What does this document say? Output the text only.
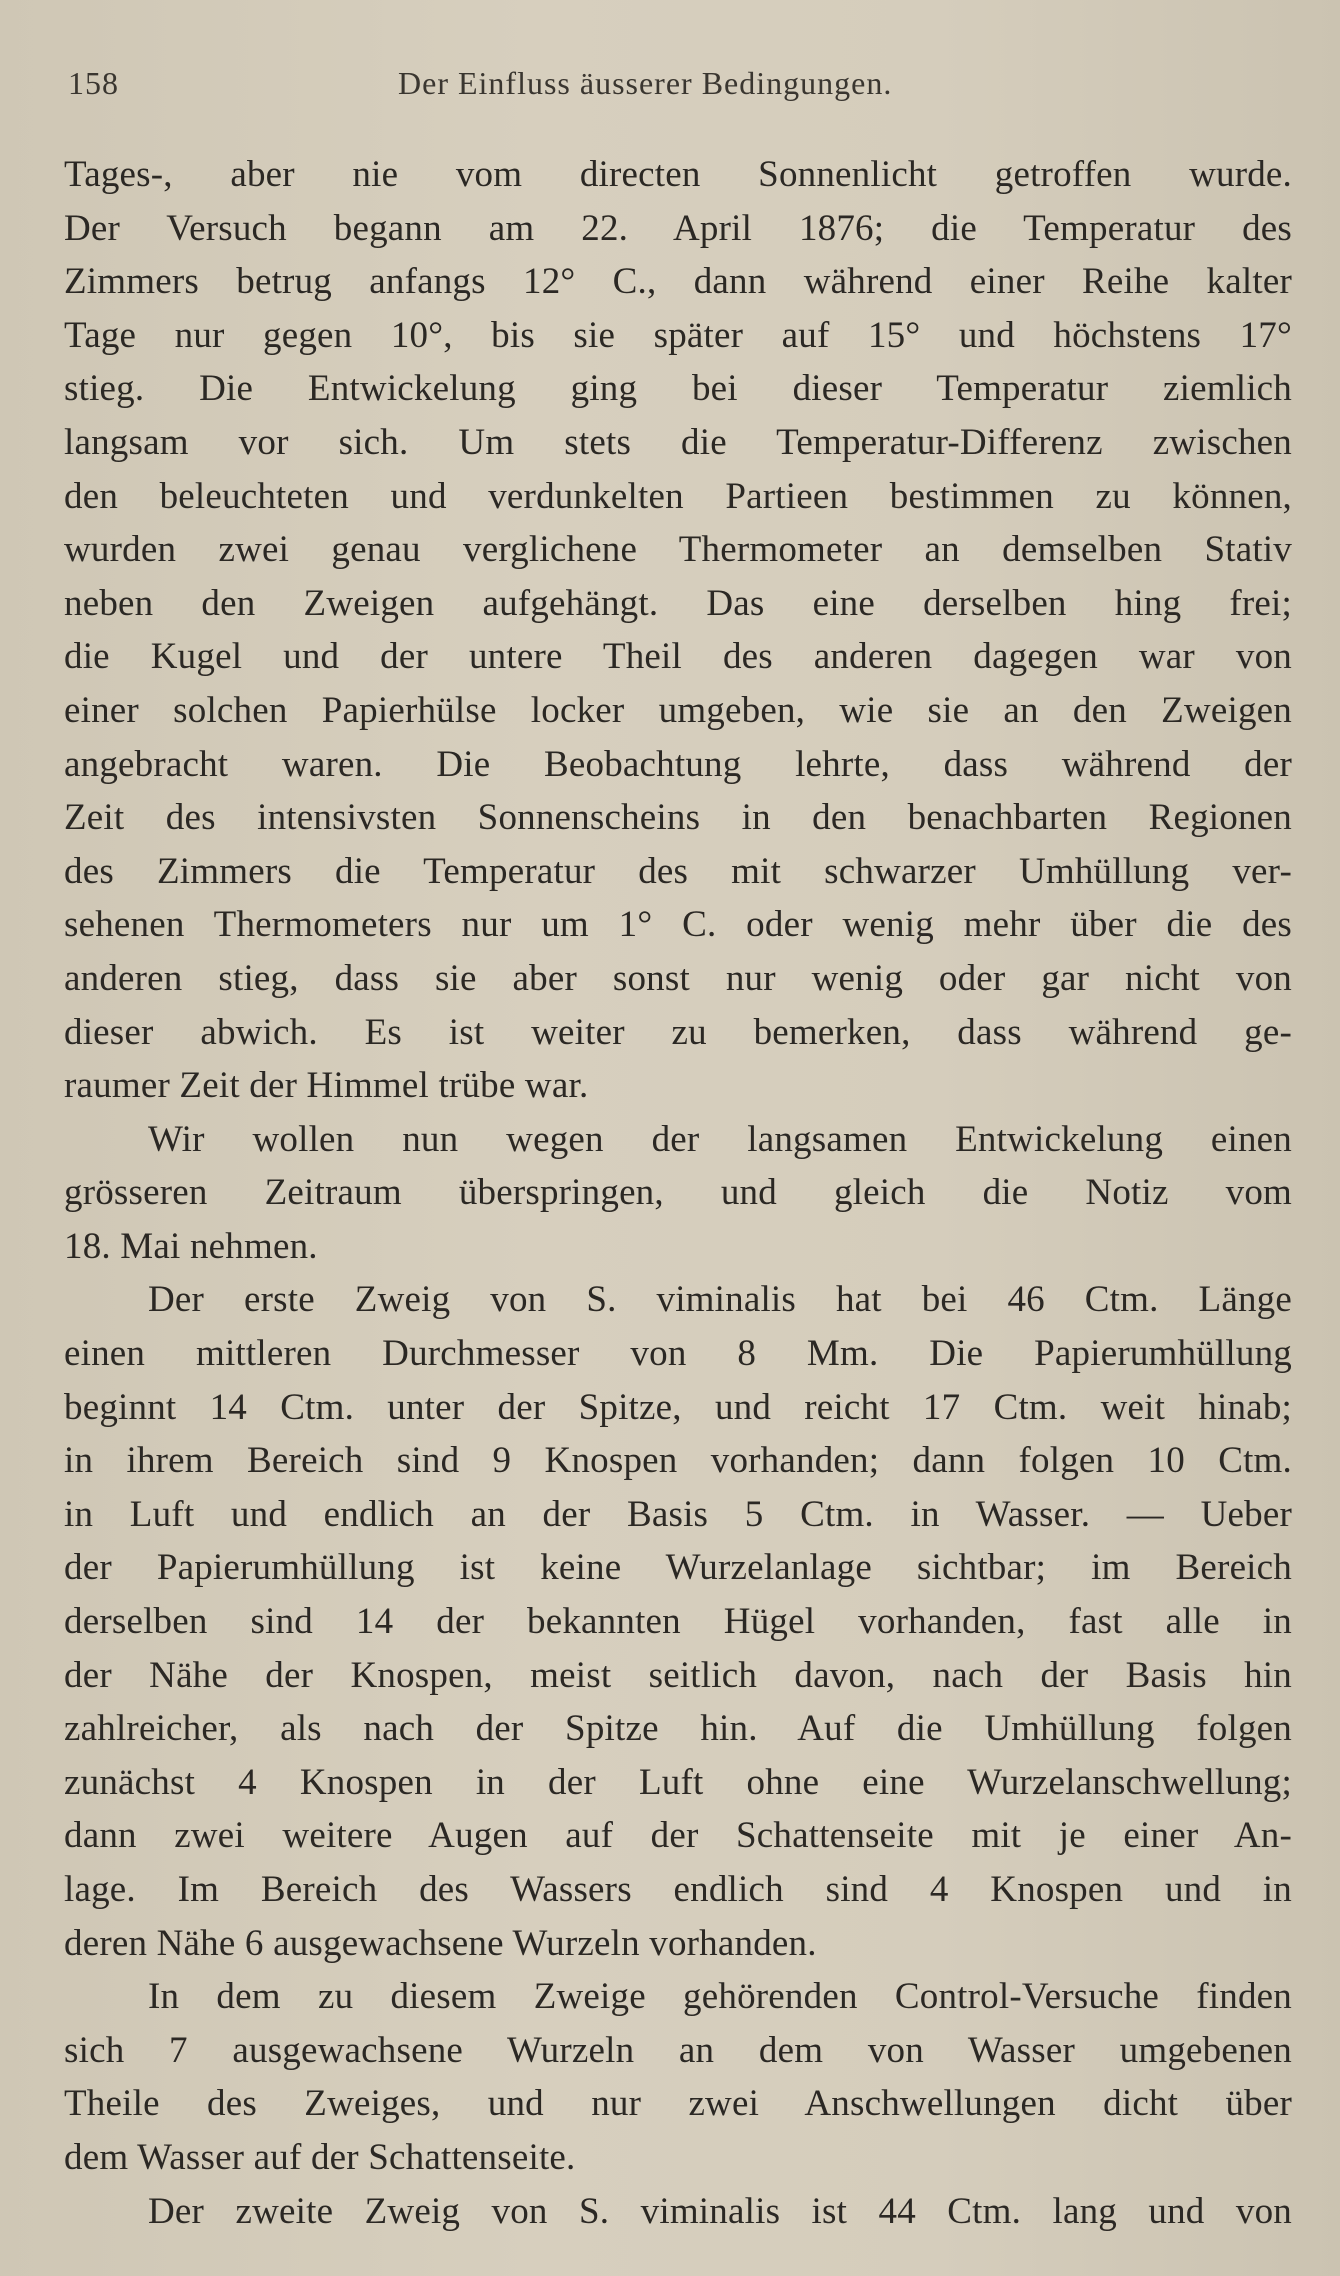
158	Der Einfluss äusserer Bedingungen.
Tages-, aber nie vom directen Sonnenlicht getroffen wurde.
Der Versuch begann am 22. April 1876; die Temperatur des
Zimmers betrug anfangs 12° C., dann während einer Reihe kalter
Tage nur gegen 10°, bis sie später auf 15° und höchstens 17°
stieg. Die Entwickelung ging bei dieser Temperatur ziemlich
langsam vor sich. Um stets die Temperatur-Differenz zwischen
den beleuchteten und verdunkelten Partieen bestimmen zu können,
wurden zwei genau verglichene Thermometer an demselben Stativ
neben den Zweigen aufgehängt. Das eine derselben hing frei;
die Kugel und der untere Theil des anderen dagegen war von
einer solchen Papierhülse locker umgeben, wie sie an den Zweigen
angebracht waren. Die Beobachtung lehrte, dass während der
Zeit des intensivsten Sonnenscheins in den benachbarten Regionen
des Zimmers die Temperatur des mit schwarzer Umhüllung ver-
sehenen Thermometers nur um 1° C. oder wenig mehr über die des
anderen stieg, dass sie aber sonst nur wenig oder gar nicht von
dieser abwich. Es ist weiter zu bemerken, dass während ge-
raumer Zeit der Himmel trübe war.
Wir wollen nun wegen der langsamen Entwickelung einen
grösseren Zeitraum überspringen, und gleich die Notiz vom
18. Mai nehmen.
Der erste Zweig von S. viminalis hat bei 46 Ctm. Länge
einen mittleren Durchmesser von 8 Mm. Die Papierumhüllung
beginnt 14 Ctm. unter der Spitze, und reicht 17 Ctm. weit hinab;
in ihrem Bereich sind 9 Knospen vorhanden; dann folgen 10 Ctm.
in Luft und endlich an der Basis 5 Ctm. in Wasser. — Ueber
der Papierumhüllung ist keine Wurzelanlage sichtbar; im Bereich
derselben sind 14 der bekannten Hügel vorhanden, fast alle in
der Nähe der Knospen, meist seitlich davon, nach der Basis hin
zahlreicher, als nach der Spitze hin. Auf die Umhüllung folgen
zunächst 4 Knospen in der Luft ohne eine Wurzelanschwellung;
dann zwei weitere Augen auf der Schattenseite mit je einer An-
lage. Im Bereich des Wassers endlich sind 4 Knospen und in
deren Nähe 6 ausgewachsene Wurzeln vorhanden.
In dem zu diesem Zweige gehörenden Control-Versuche finden
sich 7 ausgewachsene Wurzeln an dem von Wasser umgebenen
Theile des Zweiges, und nur zwei Anschwellungen dicht über
dem Wasser auf der Schattenseite.
Der zweite Zweig von S. viminalis ist 44 Ctm. lang und von
